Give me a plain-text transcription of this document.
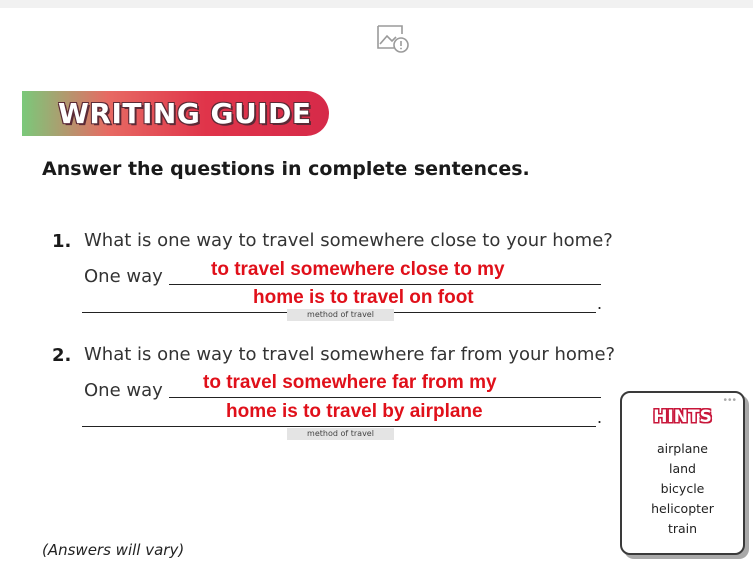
WRITING GUIDE
Answer the questions in complete sentences.
1. What is one way to travel somewhere close to your home?
One way	to travel somewhere close to my
home is to travel on foot	.
method of travel
2. What is one way to travel somewhere far from your home?
One way to travel somewhere far from my
home is to travel by airplane	.
method of travel
•••
HINTS
airplane
land
bicycle
helicopter
train
(Answers will vary)
